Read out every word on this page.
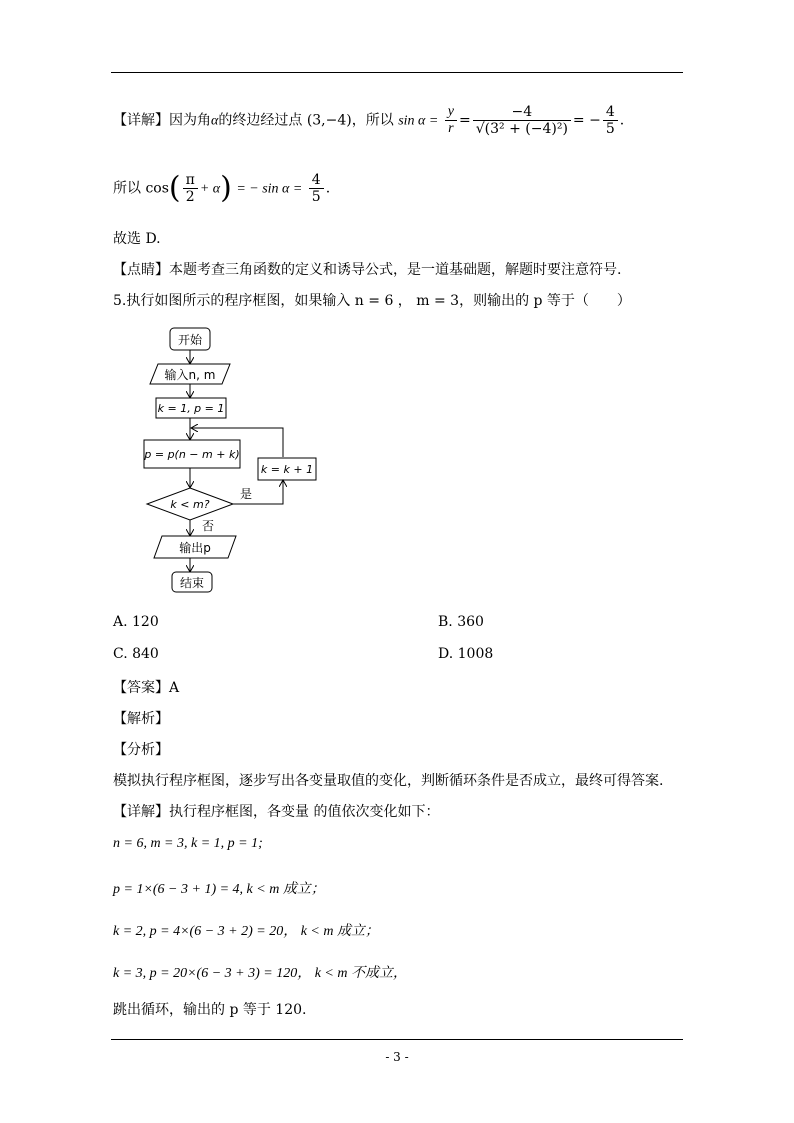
【详解】因为角α的终边经过点 (3,−4)，所以 $\sin \alpha = \frac{y}{r} = \frac{-4}{\text{√(3² + (−4)²)}}$ = − $\frac{4}{5}$ .
所以 $\cos( \frac{\pi}{2} + \alpha)$ = − $\sin \alpha = \frac{4}{5}$ .
故选 D.
【点睛】本题考查三角函数的定义和诱导公式，是一道基础题，解题时要注意符号.
5.执行如图所示的程序框图，如果输入 n = 6 ， m = 3，则输出的 p 等于（　　）
开始
输入n, m
k = 1, p = 1
p = p(n − m + k)
k = k + 1
k < m?
是
否
输出p
结束
A. 120	B. 360
C. 840	D. 1008
【答案】A
【解析】
【分析】
模拟执行程序框图，逐步写出各变量取值的变化，判断循环条件是否成立，最终可得答案.
【详解】执行程序框图，各变量 的值依次变化如下：
n = 6, m = 3, k = 1, p = 1;
p = 1×(6 − 3 + 1) = 4, k < m 成立；
k = 2, p = 4×(6 − 3 + 2) = 20， k < m 成立；
k = 3, p = 20×(6 − 3 + 3) = 120， k < m 不成立，
跳出循环，输出的 p 等于 120.
- 3 -
